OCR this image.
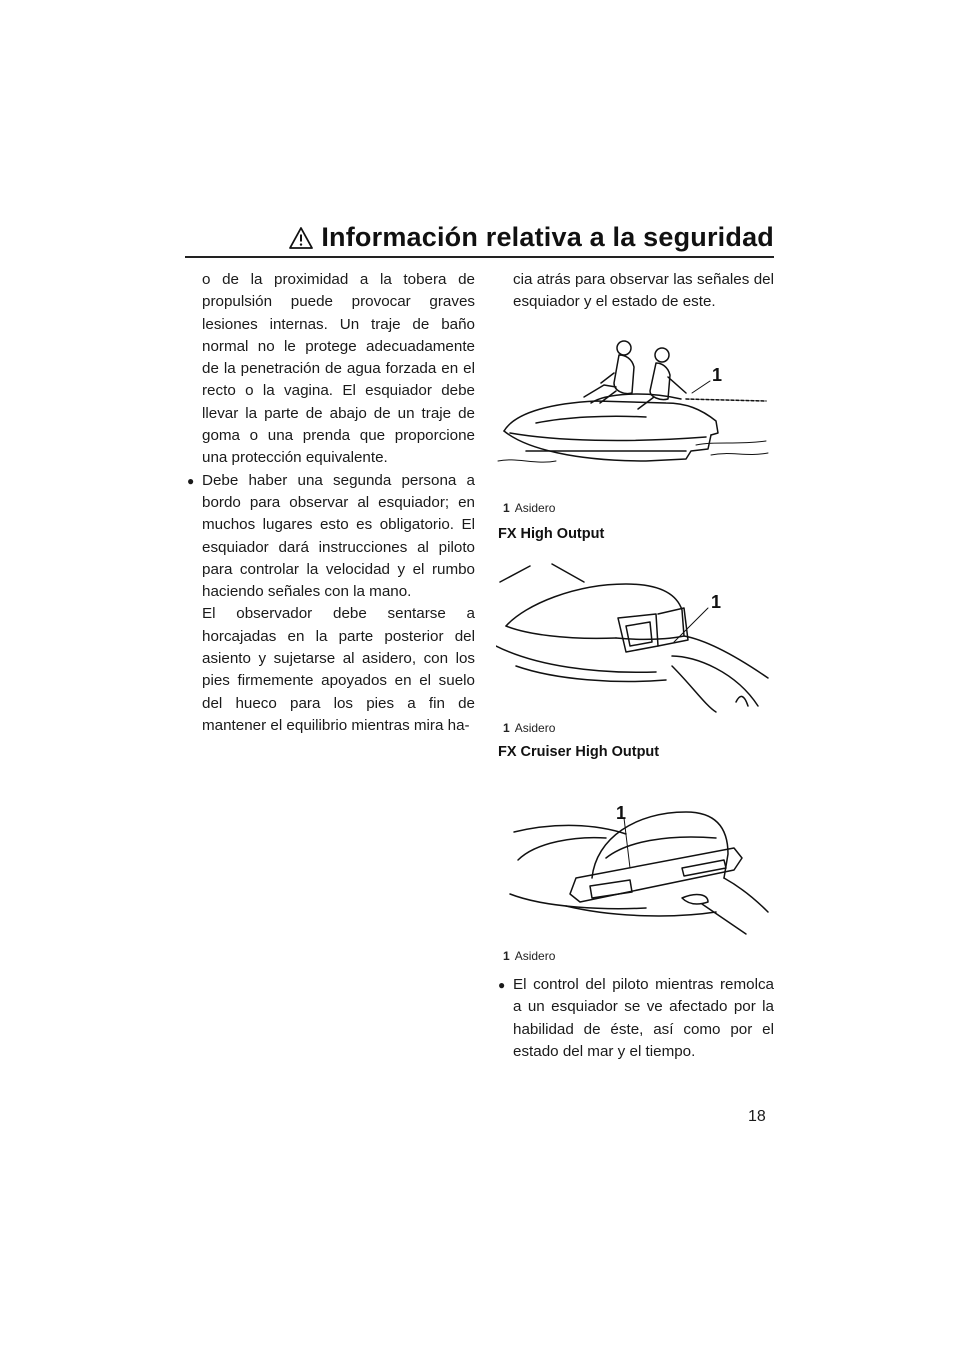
Información relativa a la seguridad

o de la proximidad a la tobera de propulsión puede provocar graves lesiones internas. Un traje de baño normal no le protege adecuadamente de la penetración de agua forzada en el recto o la vagina. El esquiador debe llevar la parte de abajo de un traje de goma o una prenda que proporcione una protección equivalente.

● Debe haber una segunda persona a bordo para observar al esquiador; en muchos lugares esto es obligatorio. El esquiador dará instrucciones al piloto para controlar la velocidad y el rumbo haciendo señales con la mano.

El observador debe sentarse a horcajadas en la parte posterior del asiento y sujetarse al asidero, con los pies firmemente apoyados en el suelo del hueco para los pies a fin de mantener el equilibrio mientras mira ha-

cia atrás para observar las señales del esquiador y el estado de este.

1
1 Asidero
FX High Output
1
1 Asidero
FX Cruiser High Output
1
1 Asidero
● El control del piloto mientras remolca a un esquiador se ve afectado por la habilidad de éste, así como por el estado del mar y el tiempo.

18
